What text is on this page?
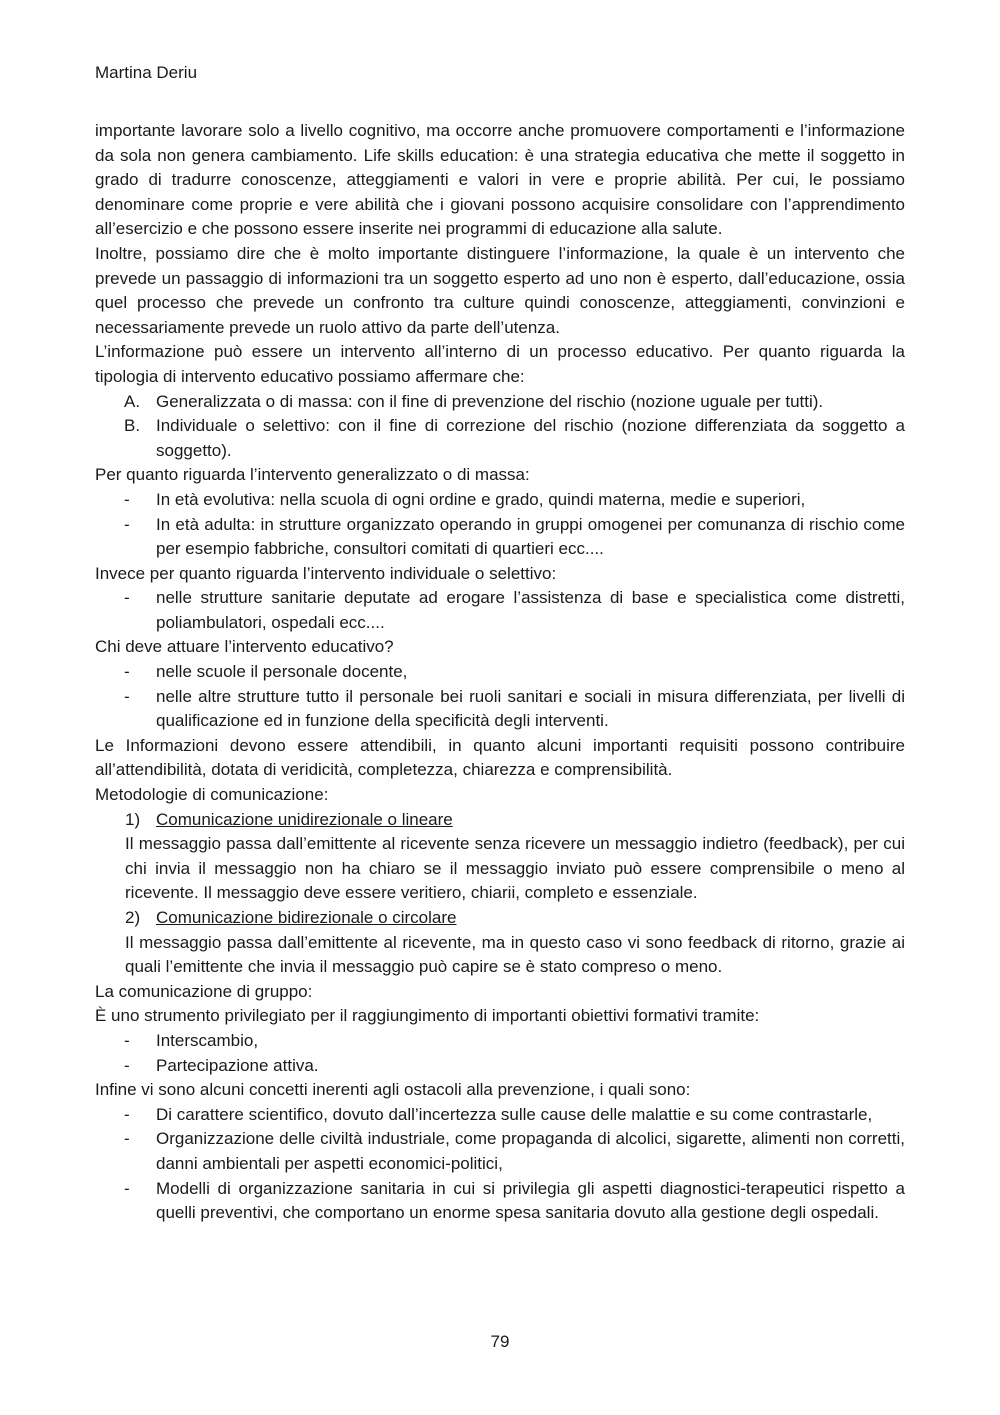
Martina Deriu

importante lavorare solo a livello cognitivo, ma occorre anche promuovere comportamenti e l’informazione da sola non genera cambiamento. Life skills education: è una strategia educativa che mette il soggetto in grado di tradurre conoscenze, atteggiamenti e valori in vere e proprie abilità. Per cui, le possiamo denominare come proprie e vere abilità che i giovani possono acquisire consolidare con l’apprendimento all’esercizio e che possono essere inserite nei programmi di educazione alla salute.

Inoltre, possiamo dire che è molto importante distinguere l’informazione, la quale è un intervento che prevede un passaggio di informazioni tra un soggetto esperto ad uno non è esperto, dall’educazione, ossia quel processo che prevede un confronto tra culture quindi conoscenze, atteggiamenti, convinzioni e necessariamente prevede un ruolo attivo da parte dell’utenza.

L’informazione può essere un intervento all’interno di un processo educativo. Per quanto riguarda la tipologia di intervento educativo possiamo affermare che:

A. Generalizzata o di massa: con il fine di prevenzione del rischio (nozione uguale per tutti).
B. Individuale o selettivo: con il fine di correzione del rischio (nozione differenziata da soggetto a soggetto).

Per quanto riguarda l’intervento generalizzato o di massa:

- In età evolutiva: nella scuola di ogni ordine e grado, quindi materna, medie e superiori,
- In età adulta: in strutture organizzato operando in gruppi omogenei per comunanza di rischio come per esempio fabbriche, consultori comitati di quartieri ecc....

Invece per quanto riguarda l’intervento individuale o selettivo:

- nelle strutture sanitarie deputate ad erogare l’assistenza di base e specialistica come distretti, poliambulatori, ospedali ecc....

Chi deve attuare l’intervento educativo?

- nelle scuole il personale docente,
- nelle altre strutture tutto il personale bei ruoli sanitari e sociali in misura differenziata, per livelli di qualificazione ed in funzione della specificità degli interventi.

Le Informazioni devono essere attendibili, in quanto alcuni importanti requisiti possono contribuire all’attendibilità, dotata di veridicità, completezza, chiarezza e comprensibilità.

Metodologie di comunicazione:

1) Comunicazione unidirezionale o lineare
Il messaggio passa dall’emittente al ricevente senza ricevere un messaggio indietro (feedback), per cui chi invia il messaggio non ha chiaro se il messaggio inviato può essere comprensibile o meno al ricevente. Il messaggio deve essere veritiero, chiarii, completo e essenziale.
2) Comunicazione bidirezionale o circolare
Il messaggio passa dall’emittente al ricevente, ma in questo caso vi sono feedback di ritorno, grazie ai quali l’emittente che invia il messaggio può capire se è stato compreso o meno.

La comunicazione di gruppo:

È uno strumento privilegiato per il raggiungimento di importanti obiettivi formativi tramite:

- Interscambio,
- Partecipazione attiva.

Infine vi sono alcuni concetti inerenti agli ostacoli alla prevenzione, i quali sono:

- Di carattere scientifico, dovuto dall’incertezza sulle cause delle malattie e su come contrastarle,
- Organizzazione delle civiltà industriale, come propaganda di alcolici, sigarette, alimenti non corretti, danni ambientali per aspetti economici-politici,
- Modelli di organizzazione sanitaria in cui si privilegia gli aspetti diagnostici-terapeutici rispetto a quelli preventivi, che comportano un enorme spesa sanitaria dovuto alla gestione degli ospedali.
79
